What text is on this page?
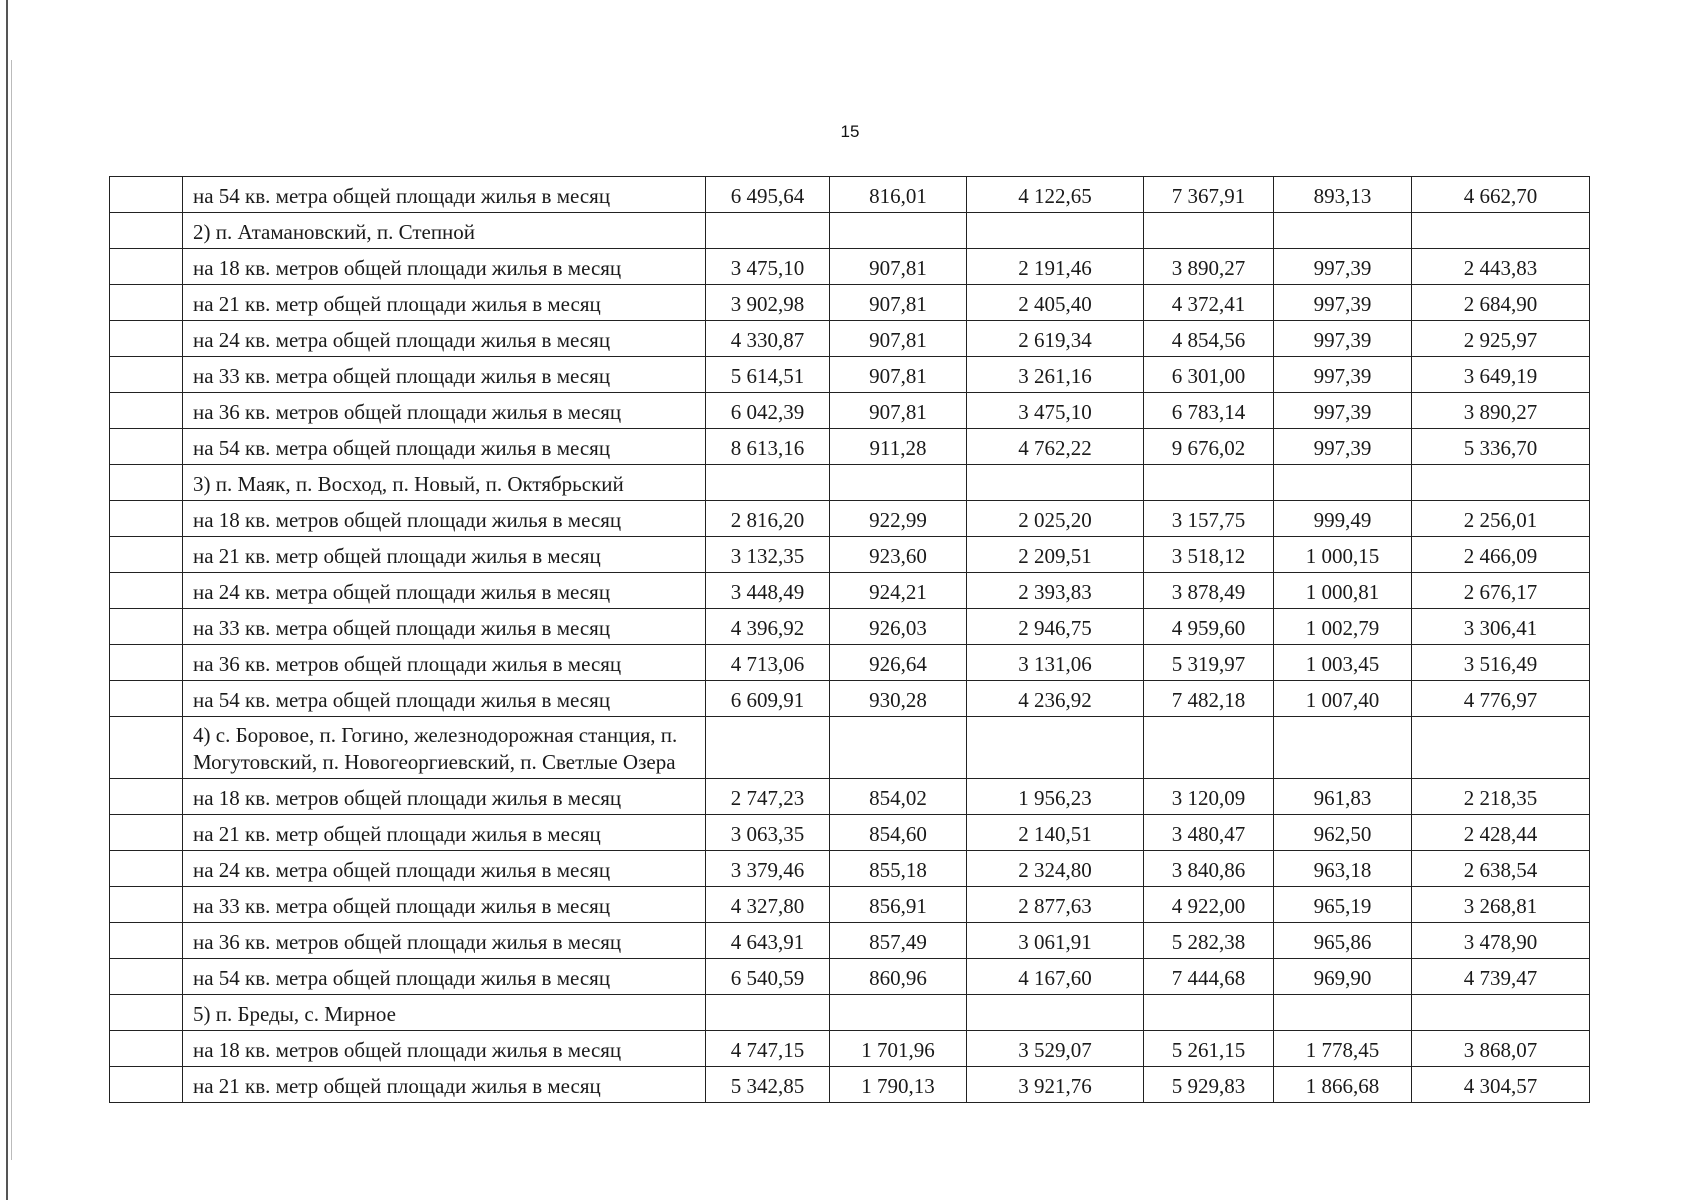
15
	на 54 кв. метра общей площади жилья в месяц	6 495,64	816,01	4 122,65	7 367,91	893,13	4 662,70
	2) п. Атамановский, п. Степной						
	на 18 кв. метров общей площади жилья в месяц	3 475,10	907,81	2 191,46	3 890,27	997,39	2 443,83
	на 21 кв. метр общей площади жилья в месяц	3 902,98	907,81	2 405,40	4 372,41	997,39	2 684,90
	на 24 кв. метра общей площади жилья в месяц	4 330,87	907,81	2 619,34	4 854,56	997,39	2 925,97
	на 33 кв. метра общей площади жилья в месяц	5 614,51	907,81	3 261,16	6 301,00	997,39	3 649,19
	на 36 кв. метров общей площади жилья в месяц	6 042,39	907,81	3 475,10	6 783,14	997,39	3 890,27
	на 54 кв. метра общей площади жилья в месяц	8 613,16	911,28	4 762,22	9 676,02	997,39	5 336,70
	3) п. Маяк, п. Восход, п. Новый, п. Октябрьский						
	на 18 кв. метров общей площади жилья в месяц	2 816,20	922,99	2 025,20	3 157,75	999,49	2 256,01
	на 21 кв. метр общей площади жилья в месяц	3 132,35	923,60	2 209,51	3 518,12	1 000,15	2 466,09
	на 24 кв. метра общей площади жилья в месяц	3 448,49	924,21	2 393,83	3 878,49	1 000,81	2 676,17
	на 33 кв. метра общей площади жилья в месяц	4 396,92	926,03	2 946,75	4 959,60	1 002,79	3 306,41
	на 36 кв. метров общей площади жилья в месяц	4 713,06	926,64	3 131,06	5 319,97	1 003,45	3 516,49
	на 54 кв. метра общей площади жилья в месяц	6 609,91	930,28	4 236,92	7 482,18	1 007,40	4 776,97
	4) с. Боровое, п. Гогино, железнодорожная станция, п. Могутовский, п. Новогеоргиевский, п. Светлые Озера						
	на 18 кв. метров общей площади жилья в месяц	2 747,23	854,02	1 956,23	3 120,09	961,83	2 218,35
	на 21 кв. метр общей площади жилья в месяц	3 063,35	854,60	2 140,51	3 480,47	962,50	2 428,44
	на 24 кв. метра общей площади жилья в месяц	3 379,46	855,18	2 324,80	3 840,86	963,18	2 638,54
	на 33 кв. метра общей площади жилья в месяц	4 327,80	856,91	2 877,63	4 922,00	965,19	3 268,81
	на 36 кв. метров общей площади жилья в месяц	4 643,91	857,49	3 061,91	5 282,38	965,86	3 478,90
	на 54 кв. метра общей площади жилья в месяц	6 540,59	860,96	4 167,60	7 444,68	969,90	4 739,47
	5) п. Бреды, с. Мирное						
	на 18 кв. метров общей площади жилья в месяц	4 747,15	1 701,96	3 529,07	5 261,15	1 778,45	3 868,07
	на 21 кв. метр общей площади жилья в месяц	5 342,85	1 790,13	3 921,76	5 929,83	1 866,68	4 304,57
